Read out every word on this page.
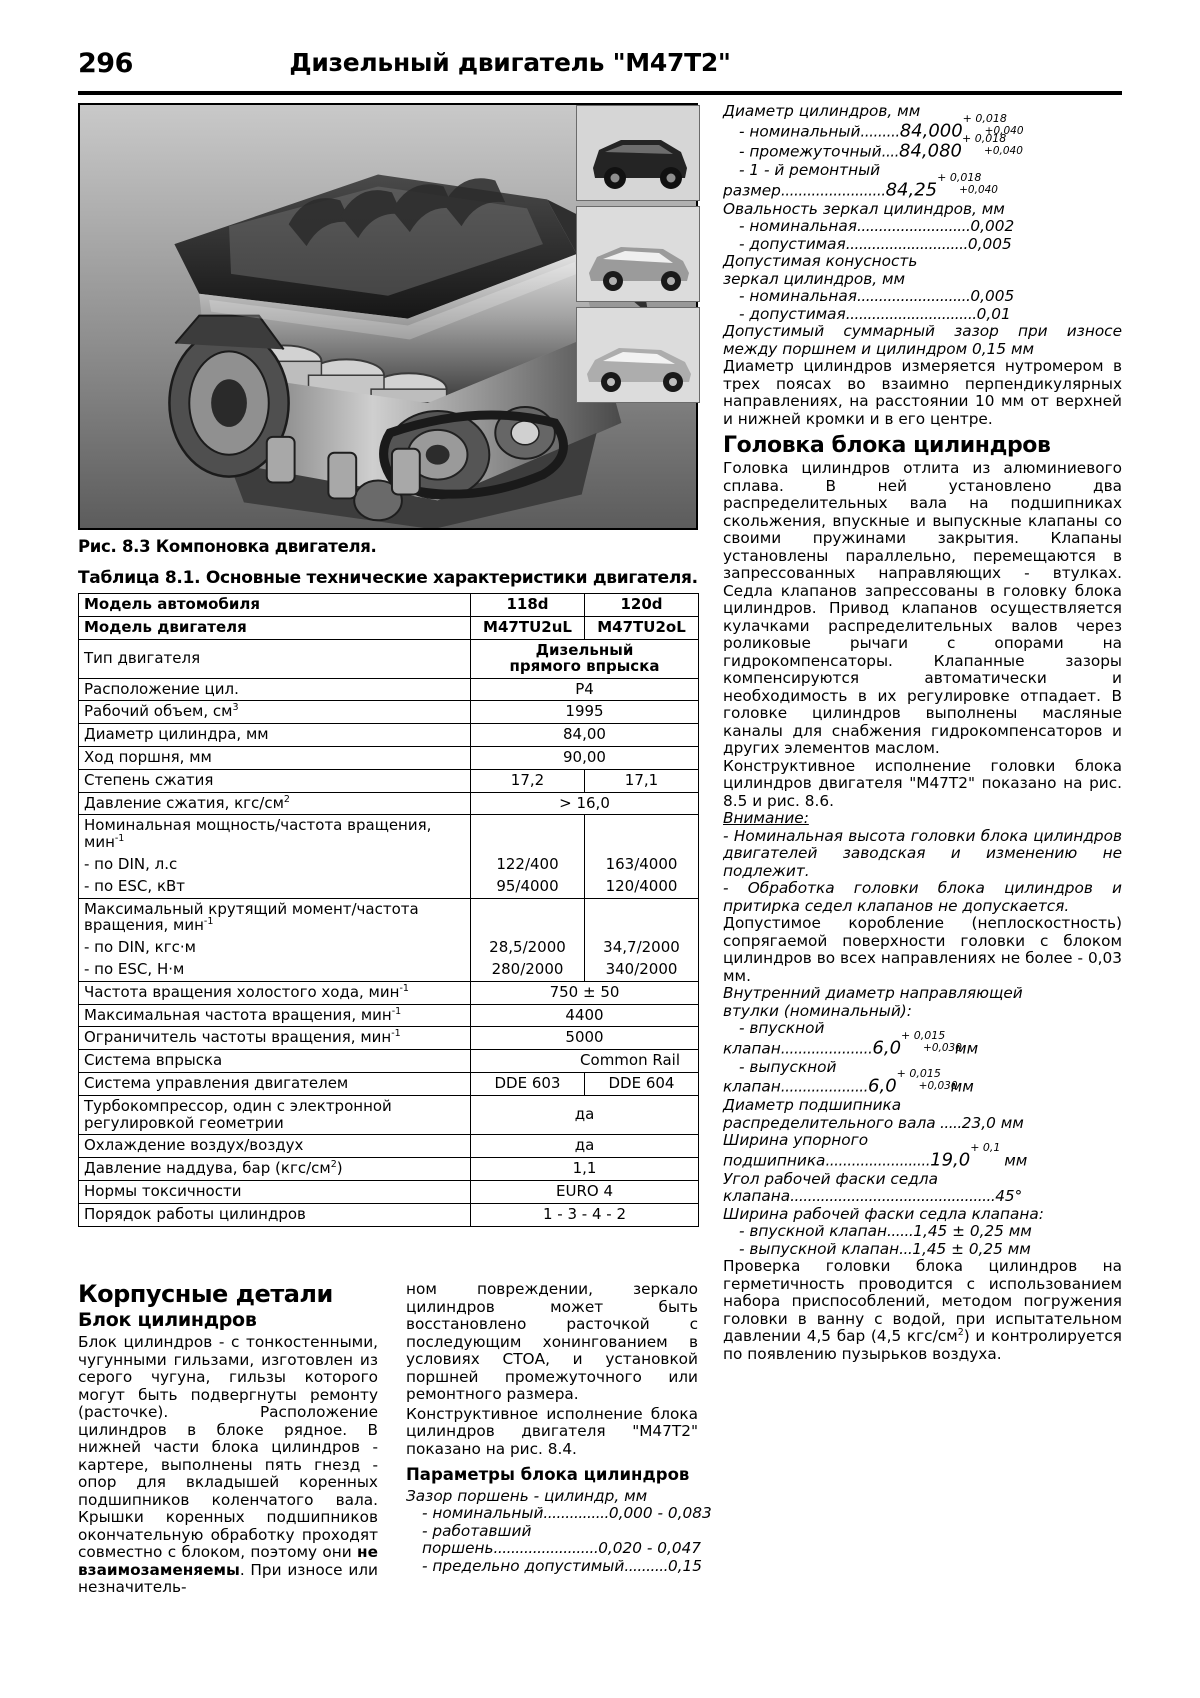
296	Дизельный двигатель "M47T2"
Рис. 8.3 Компоновка двигателя.
Таблица 8.1. Основные технические характеристики двигателя.
Модель автомобиля	118d	120d
Модель двигателя	M47TU2uL	M47TU2oL
Тип двигателя	Дизельный
прямого впрыска	
Расположение цил.	P4	
Рабочий объем, $см^3$	1995	
Диаметр цилиндра, мм	84,00	
Ход поршня, мм	90,00	
Степень сжатия	17,2	17,1
Давление сжатия, кгс/$см^2$	> 16,0	
Номинальная мощность/частота вращения, мин$^{-1}$		
- по DIN, л.с	122/400	163/4000
- по ESC, кВт	95/4000	120/4000
Максимальный крутящий момент/частота вращения, мин$^{-1}$		
- по DIN, кгс·м	28,5/2000	34,7/2000
- по ESC, Н·м	280/2000	340/2000
Частота вращения холостого хода, мин$^{-1}$	750 ± 50	
Максимальная частота вращения, мин$^{-1}$	4400	
Ограничитель частоты вращения, мин$^{-1}$	5000	
Система впрыска	Common Rail	
Система управления двигателем	DDE 603	DDE 604
Турбокомпрессор, один с электронной регулировкой геометрии	да	
Охлаждение воздух/воздух	да	
Давление наддува, бар $(кгс/см^2)$	1,1	
Нормы токсичности	EURO 4	
Порядок работы цилиндров	1 - 3 - 4 - 2	
Корпусные детали
Блок цилиндров

Блок цилиндров - с тонкостенными, чугунными гильзами, изготовлен из серого чугуна, гильзы которого могут быть подвергнуты ремонту (расточке). Расположение цилиндров в блоке рядное. В нижней части блока цилиндров - картере, выполнены пять гнезд - опор для вкладышей коренных подшипников коленчатого вала. Крышки коренных подшипников окончательную обработку проходят совместно с блоком, поэтому они не взаимозаменяемы. При износе или незначитель-

ном повреждении, зеркало цилиндров может быть восстановлено расточкой с последующим хонингованием в условиях СТОА, и установкой поршней промежуточного или ремонтного размера.

Конструктивное исполнение блока цилиндров двигателя "M47T2" показано на рис. 8.4.

Параметры блока цилиндров
Зазор поршень - цилиндр, мм
- номинальный...............0,000 - 0,083
- работавший
поршень........................0,020 - 0,047
- предельно допустимый..........0,15
Диаметр цилиндров, мм
- номинальный.........84,000
+ 0,018
+0,040
- промежуточный....84,080
+ 0,018
+0,040
- 1 - й ремонтный
размер........................84,25
+ 0,018
+0,040
Овальность зеркал цилиндров, мм
- номинальная..........................0,002
- допустимая............................0,005
Допустимая конусность
зеркал цилиндров, мм
- номинальная..........................0,005
- допустимая..............................0,01

Допустимый суммарный зазор при износе между поршнем и цилиндром 0,15 мм

Диаметр цилиндров измеряется нутромером в трех поясах во взаимно перпендикулярных направлениях, на расстоянии 10 мм от верхней и нижней кромки и в его центре.

Головка блока цилиндров

Головка цилиндров отлита из алюминиевого сплава. В ней установлено два распределительных вала на подшипниках скольжения, впускные и выпускные клапаны со своими пружинами закрытия. Клапаны установлены параллельно, перемещаются в запрессованных направляющих - втулках. Седла клапанов запрессованы в головку блока цилиндров. Привод клапанов осуществляется кулачками распределительных валов через роликовые рычаги с опорами на гидрокомпенсаторы. Клапанные зазоры компенсируются автоматически и необходимость в их регулировке отпадает. В головке цилиндров выполнены масляные каналы для снабжения гидрокомпенсаторов и других элементов маслом.

Конструктивное исполнение головки блока цилиндров двигателя "M47T2" показано на рис. 8.5 и рис. 8.6.

Внимание:

- Номинальная высота головки блока цилиндров двигателей заводская и изменению не подлежит.

- Обработка головки блока цилиндров и притирка седел клапанов не допускается.

Допустимое коробление (неплоскостность) сопрягаемой поверхности головки с блоком цилиндров во всех направлениях не более - 0,03 мм.

Внутренний диаметр направляющей
втулки (номинальный):
- впускной
клапан.....................6,0
+ 0,015
+0,030
мм
- выпускной
клапан....................6,0
+ 0,015
+0,030
мм
Диаметр подшипника
распределительного вала .....23,0 мм
Ширина упорного
подшипника........................19,0
+ 0,1
мм
Угол рабочей фаски седла
клапана...............................................45°
Ширина рабочей фаски седла клапана:
- впускной клапан......1,45 ± 0,25 мм
- выпускной клапан...1,45 ± 0,25 мм

Проверка головки блока цилиндров на герметичность проводится с использованием набора приспособлений, методом погружения головки в ванну с водой, при испытательном давлении 4,5 бар (4,5 кгс/$см^2$) и контролируется по появлению пузырьков воздуха.
